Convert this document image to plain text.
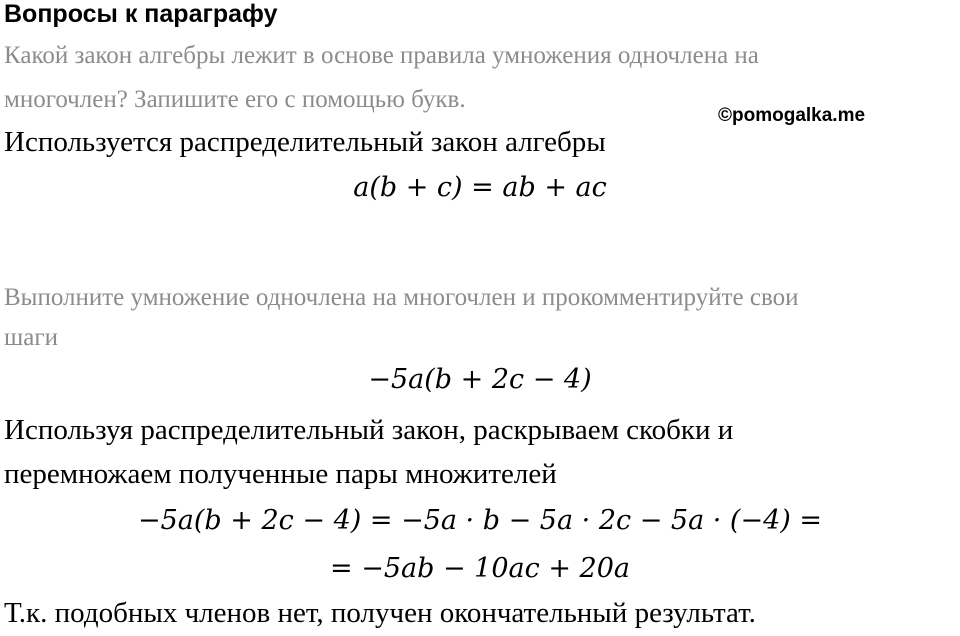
Вопросы к параграфу
Какой закон алгебры лежит в основе правила умножения одночлена на
многочлен? Запишите его с помощью букв.
©pomogalka.me
Используется распределительный закон алгебры
a(b + c) = ab + ac
Выполните умножение одночлена на многочлен и прокомментируйте свои
шаги
−5a(b + 2c − 4)
Используя распределительный закон, раскрываем скобки и
перемножаем полученные пары множителей
−5a(b + 2c − 4) = −5a · b − 5a · 2c − 5a · (−4) =
= −5ab − 10ac + 20a
Т.к. подобных членов нет, получен окончательный результат.
